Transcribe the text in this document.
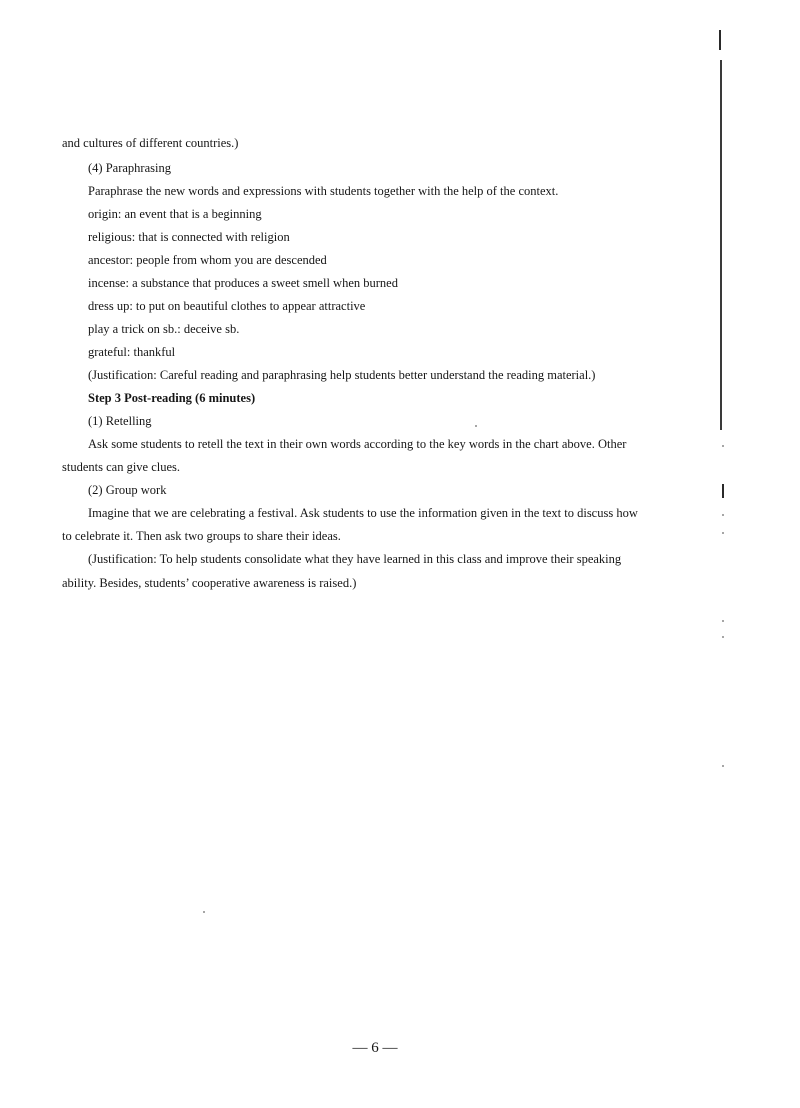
and cultures of different countries.)
(4) Paraphrasing
Paraphrase the new words and expressions with students together with the help of the context.
origin: an event that is a beginning
religious: that is connected with religion
ancestor: people from whom you are descended
incense: a substance that produces a sweet smell when burned
dress up: to put on beautiful clothes to appear attractive
play a trick on sb.: deceive sb.
grateful: thankful
(Justification: Careful reading and paraphrasing help students better understand the reading material.)
Step 3 Post-reading (6 minutes)
(1) Retelling
Ask some students to retell the text in their own words according to the key words in the chart above. Other
students can give clues.
(2) Group work
Imagine that we are celebrating a festival. Ask students to use the information given in the text to discuss how
to celebrate it. Then ask two groups to share their ideas.
(Justification: To help students consolidate what they have learned in this class and improve their speaking
ability. Besides, students’ cooperative awareness is raised.)
— 6 —
